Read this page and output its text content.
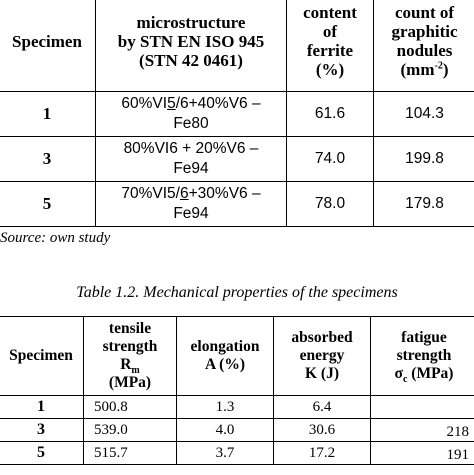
Specimen	microstructure
by STN EN ISO 945
(STN 42 0461)	content
of
ferrite
(%)	count of
graphitic
nodules
$(mm^{-2})$
1	60%VI5/6+40%V6 –
Fe80	61.6	104.3
3	80%VI6 + 20%V6 –
Fe94	74.0	199.8
5	70%VI5/6+30%V6 –
Fe94	78.0	179.8
Source: own study
Table 1.2. Mechanical properties of the specimens
Specimen	tensile
strength
$R_m$
(MPa)	elongation
A (%)	absorbed
energy
K (J)	fatigue
strength
$\sigma_c$ (MPa)
1	500.8	1.3	6.4	
3	539.0	4.0	30.6	218
5	515.7	3.7	17.2	191
